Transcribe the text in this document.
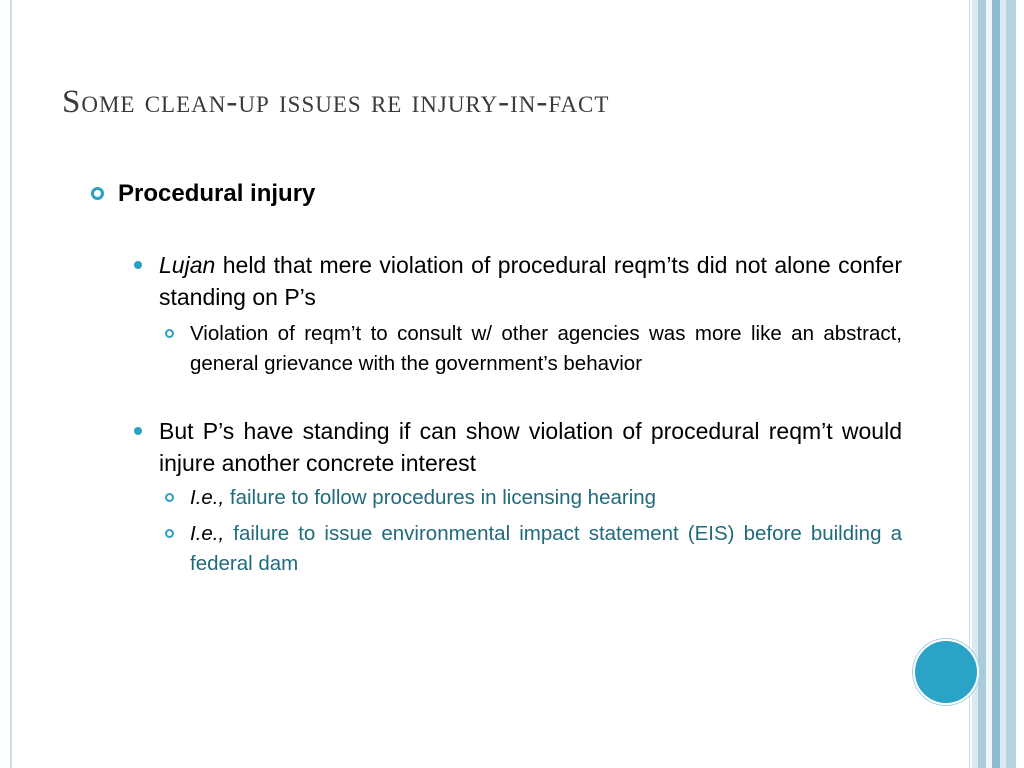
Some clean-up issues re injury-in-fact
Procedural injury
Lujan held that mere violation of procedural reqm’ts did not alone confer standing on P’s
Violation of reqm’t to consult w/ other agencies was more like an abstract, general grievance with the government’s behavior
But P’s have standing if can show violation of procedural reqm’t would injure another concrete interest
I.e., failure to follow procedures in licensing hearing
I.e., failure to issue environmental impact statement (EIS) before building a federal dam
